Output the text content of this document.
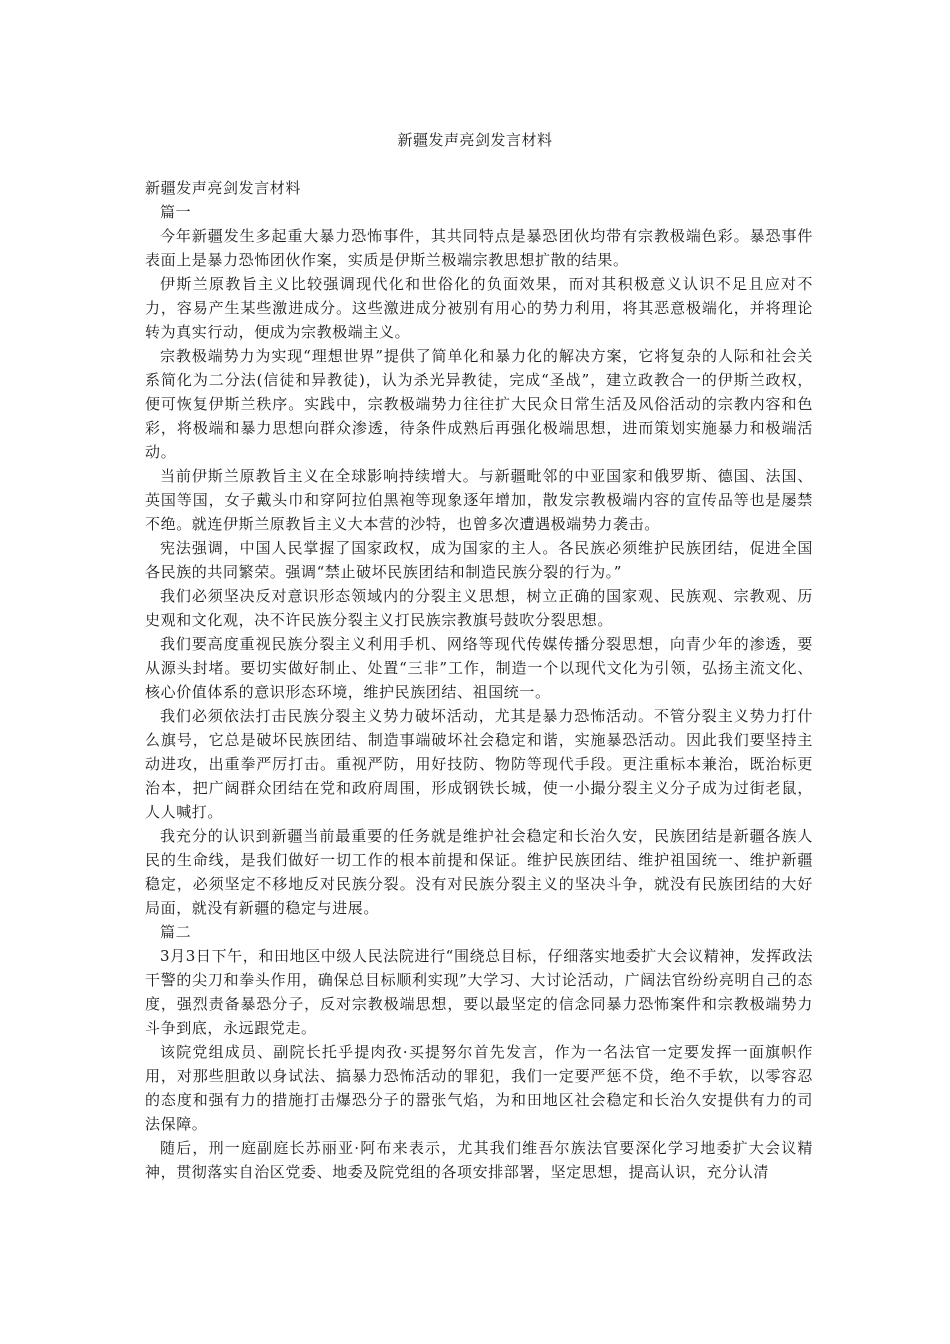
新疆发声亮剑发言材料

新疆发声亮剑发言材料

篇一

今年新疆发生多起重大暴力恐怖事件，其共同特点是暴恐团伙均带有宗教极端色彩。暴恐事件表面上是暴力恐怖团伙作案，实质是伊斯兰极端宗教思想扩散的结果。

伊斯兰原教旨主义比较强调现代化和世俗化的负面效果，而对其积极意义认识不足且应对不力，容易产生某些激进成分。这些激进成分被别有用心的势力利用，将其恶意极端化，并将理论转为真实行动，便成为宗教极端主义。

宗教极端势力为实现“理想世界”提供了简单化和暴力化的解决方案，它将复杂的人际和社会关系简化为二分法(信徒和异教徒)，认为杀光异教徒，完成“圣战”，建立政教合一的伊斯兰政权，便可恢复伊斯兰秩序。实践中，宗教极端势力往往扩大民众日常生活及风俗活动的宗教内容和色彩，将极端和暴力思想向群众渗透，待条件成熟后再强化极端思想，进而策划实施暴力和极端活动。

当前伊斯兰原教旨主义在全球影响持续增大。与新疆毗邻的中亚国家和俄罗斯、德国、法国、英国等国，女子戴头巾和穿阿拉伯黑袍等现象逐年增加，散发宗教极端内容的宣传品等也是屡禁不绝。就连伊斯兰原教旨主义大本营的沙特，也曾多次遭遇极端势力袭击。

宪法强调，中国人民掌握了国家政权，成为国家的主人。各民族必须维护民族团结，促进全国各民族的共同繁荣。强调“禁止破坏民族团结和制造民族分裂的行为。”

我们必须坚决反对意识形态领域内的分裂主义思想，树立正确的国家观、民族观、宗教观、历史观和文化观，决不许民族分裂主义打民族宗教旗号鼓吹分裂思想。

我们要高度重视民族分裂主义利用手机、网络等现代传媒传播分裂思想，向青少年的渗透，要从源头封堵。要切实做好制止、处置“三非”工作，制造一个以现代文化为引领，弘扬主流文化、核心价值体系的意识形态环境，维护民族团结、祖国统一。

我们必须依法打击民族分裂主义势力破坏活动，尤其是暴力恐怖活动。不管分裂主义势力打什么旗号，它总是破坏民族团结、制造事端破坏社会稳定和谐，实施暴恐活动。因此我们要坚持主动进攻，出重拳严厉打击。重视严防，用好技防、物防等现代手段。更注重标本兼治，既治标更治本，把广阔群众团结在党和政府周围，形成钢铁长城，使一小撮分裂主义分子成为过街老鼠，人人喊打。

我充分的认识到新疆当前最重要的任务就是维护社会稳定和长治久安，民族团结是新疆各族人民的生命线，是我们做好一切工作的根本前提和保证。维护民族团结、维护祖国统一、维护新疆稳定，必须坚定不移地反对民族分裂。没有对民族分裂主义的坚决斗争，就没有民族团结的大好局面，就没有新疆的稳定与进展。

篇二

3月3日下午，和田地区中级人民法院进行“围绕总目标，仔细落实地委扩大会议精神，发挥政法干警的尖刀和拳头作用，确保总目标顺利实现”大学习、大讨论活动，广阔法官纷纷亮明自己的态度，强烈责备暴恐分子，反对宗教极端思想，要以最坚定的信念同暴力恐怖案件和宗教极端势力斗争到底，永远跟党走。

该院党组成员、副院长托乎提肉孜·买提努尔首先发言，作为一名法官一定要发挥一面旗帜作用，对那些胆敢以身试法、搞暴力恐怖活动的罪犯，我们一定要严惩不贷，绝不手软，以零容忍的态度和强有力的措施打击爆恐分子的嚣张气焰，为和田地区社会稳定和长治久安提供有力的司法保障。

随后，刑一庭副庭长苏丽亚·阿布来表示，尤其我们维吾尔族法官要深化学习地委扩大会议精神，贯彻落实自治区党委、地委及院党组的各项安排部署，坚定思想，提高认识，充分认清
